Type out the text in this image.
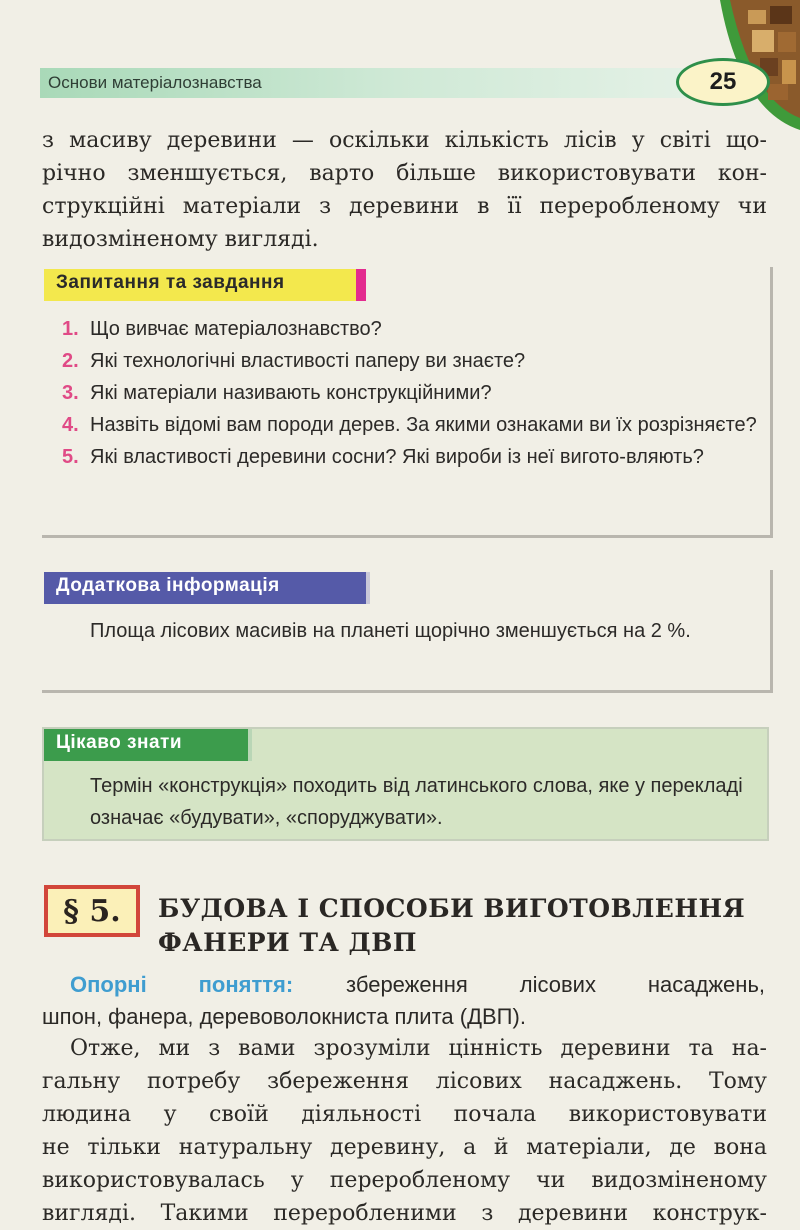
Основи матеріалознавства	25
з масиву деревини — оскільки кількість лісів у світі що-
річно зменшується, варто більше використовувати кон-
струкційні матеріали з деревини в її переробленому чи
видозміненому вигляді.
Запитання та завдання
1. Що вивчає матеріалознавство?
2. Які технологічні властивості паперу ви знаєте?
3. Які матеріали називають конструкційними?
4. Назвіть відомі вам породи дерев. За якими ознаками ви їх розрізняєте?
5. Які властивості деревини сосни? Які вироби із неї вигото-вляють?
Додаткова інформація
Площа лісових масивів на планеті щорічно зменшується на 2 %.
Цікаво знати
Термін «конструкція» походить від латинського слова, яке у перекладі означає «будувати», «споруджувати».
§ 5.	БУДОВА І СПОСОБИ ВИГОТОВЛЕННЯ
ФАНЕРИ ТА ДВП
Опорні поняття: збереження лісових насаджень,
шпон, фанера, деревоволокниста плита (ДВП).
Отже, ми з вами зрозуміли цінність деревини та на-
гальну потребу збереження лісових насаджень. Тому
людина у своїй діяльності почала використовувати
не тільки натуральну деревину, а й матеріали, де вона
використовувалась у переробленому чи видозміненому
вигляді. Такими переробленими з деревини конструк-
